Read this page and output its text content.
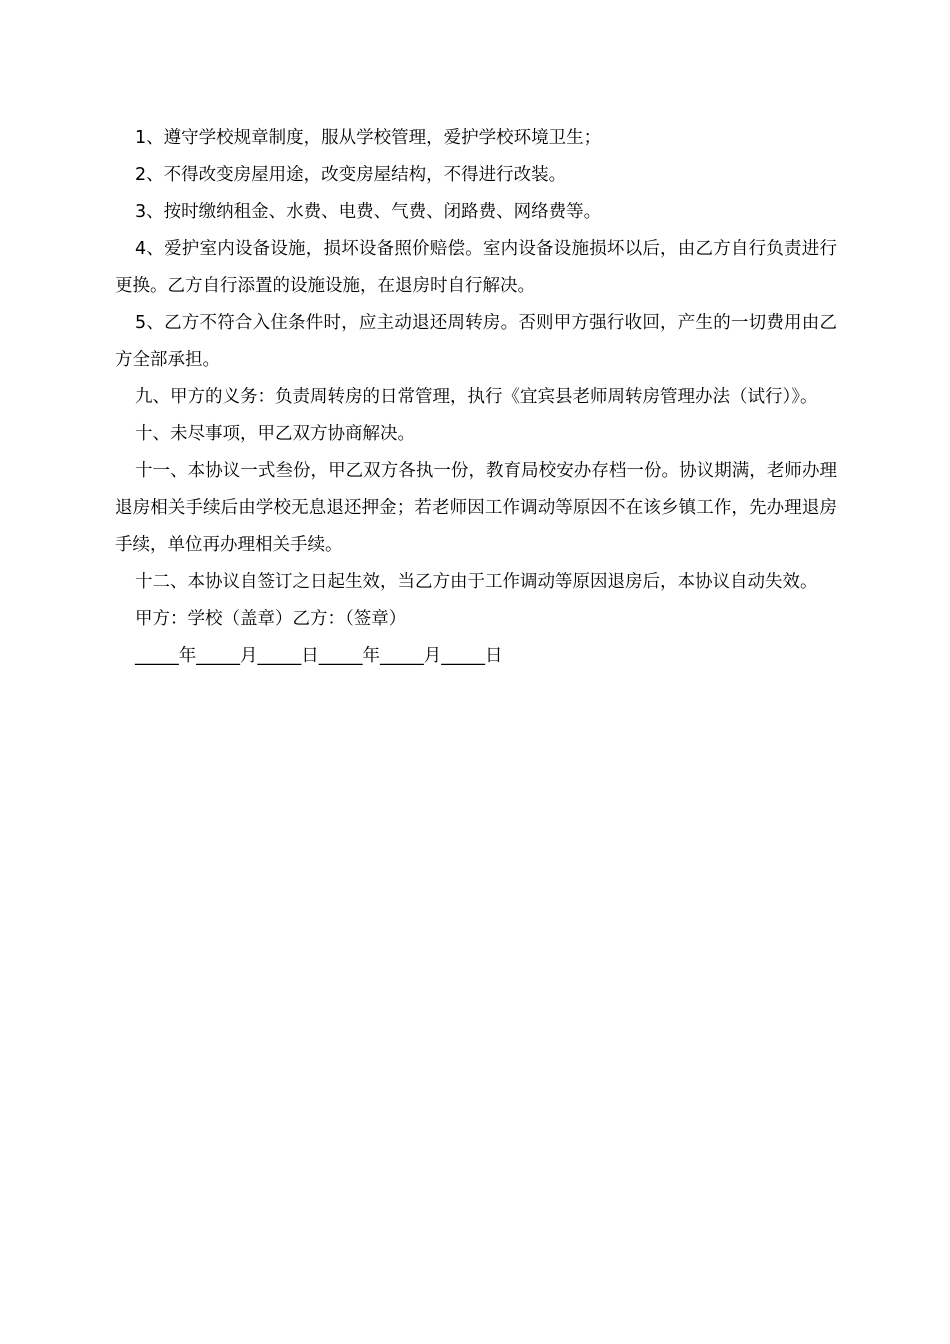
1、遵守学校规章制度，服从学校管理，爱护学校环境卫生；

2、不得改变房屋用途，改变房屋结构，不得进行改装。

3、按时缴纳租金、水费、电费、气费、闭路费、网络费等。

4、爱护室内设备设施，损坏设备照价赔偿。室内设备设施损坏以后，由乙方自行负责进行更换。乙方自行添置的设施设施，在退房时自行解决。

5、乙方不符合入住条件时，应主动退还周转房。否则甲方强行收回，产生的一切费用由乙方全部承担。

九、甲方的义务：负责周转房的日常管理，执行《宜宾县老师周转房管理办法（试行）》。

十、未尽事项，甲乙双方协商解决。

十一、本协议一式叁份，甲乙双方各执一份，教育局校安办存档一份。协议期满，老师办理退房相关手续后由学校无息退还押金；若老师因工作调动等原因不在该乡镇工作，先办理退房手续，单位再办理相关手续。

十二、本协议自签订之日起生效，当乙方由于工作调动等原因退房后，本协议自动失效。

甲方：学校（盖章）乙方：（签章）

_____年_____月_____日_____年_____月_____日
